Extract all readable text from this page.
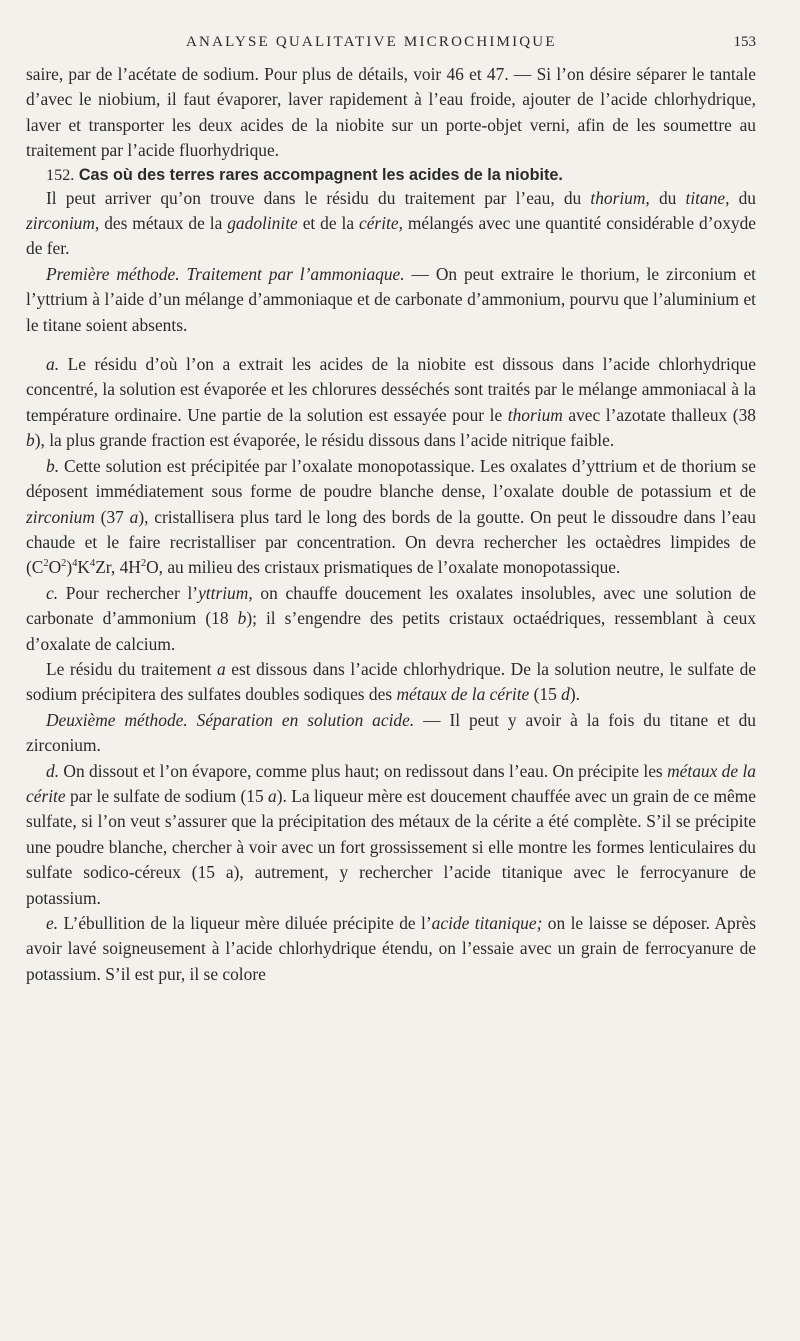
ANALYSE QUALITATIVE MICROCHIMIQUE	153

saire, par de l’acétate de sodium. Pour plus de détails, voir 46 et 47. — Si l’on désire séparer le tantale d’avec le niobium, il faut évaporer, laver rapidement à l’eau froide, ajouter de l’acide chlorhydrique, laver et transporter les deux acides de la niobite sur un porte-objet verni, afin de les soumettre au traitement par l’acide fluorhydrique.

152. Cas où des terres rares accompagnent les acides de la niobite.

Il peut arriver qu’on trouve dans le résidu du traitement par l’eau, du thorium, du titane, du zirconium, des métaux de la gadolinite et de la cérite, mélangés avec une quantité considérable d’oxyde de fer.

Première méthode. Traitement par l’ammoniaque. — On peut extraire le thorium, le zirconium et l’yttrium à l’aide d’un mélange d’ammoniaque et de carbonate d’ammonium, pourvu que l’aluminium et le titane soient absents.

a. Le résidu d’où l’on a extrait les acides de la niobite est dissous dans l’acide chlorhydrique concentré, la solution est évaporée et les chlorures desséchés sont traités par le mélange ammoniacal à la température ordinaire. Une partie de la solution est essayée pour le thorium avec l’azotate thalleux (38 b), la plus grande fraction est évaporée, le résidu dissous dans l’acide nitrique faible.

b. Cette solution est précipitée par l’oxalate monopotassique. Les oxalates d’yttrium et de thorium se déposent immédiatement sous forme de poudre blanche dense, l’oxalate double de potassium et de zirconium (37 a), cristallisera plus tard le long des bords de la goutte. On peut le dissoudre dans l’eau chaude et le faire recristalliser par concentration. On devra rechercher les octaèdres limpides de $(C^2O^2)^4K^4Zr$, $4H^2O$, au milieu des cristaux prismatiques de l’oxalate monopotassique.

c. Pour rechercher l’yttrium, on chauffe doucement les oxalates insolubles, avec une solution de carbonate d’ammonium (18 b); il s’engendre des petits cristaux octaédriques, ressemblant à ceux d’oxalate de calcium.

Le résidu du traitement a est dissous dans l’acide chlorhydrique. De la solution neutre, le sulfate de sodium précipitera des sulfates doubles sodiques des métaux de la cérite (15 d).

Deuxième méthode. Séparation en solution acide. — Il peut y avoir à la fois du titane et du zirconium.

d. On dissout et l’on évapore, comme plus haut; on redissout dans l’eau. On précipite les métaux de la cérite par le sulfate de sodium (15 a). La liqueur mère est doucement chauffée avec un grain de ce même sulfate, si l’on veut s’assurer que la précipitation des métaux de la cérite a été complète. S’il se précipite une poudre blanche, chercher à voir avec un fort grossissement si elle montre les formes lenticulaires du sulfate sodico-céreux (15 a), autrement, y rechercher l’acide titanique avec le ferrocyanure de potassium.

e. L’ébullition de la liqueur mère diluée précipite de l’acide titanique; on le laisse se déposer. Après avoir lavé soigneusement à l’acide chlorhydrique étendu, on l’essaie avec un grain de ferrocyanure de potassium. S’il est pur, il se colore
